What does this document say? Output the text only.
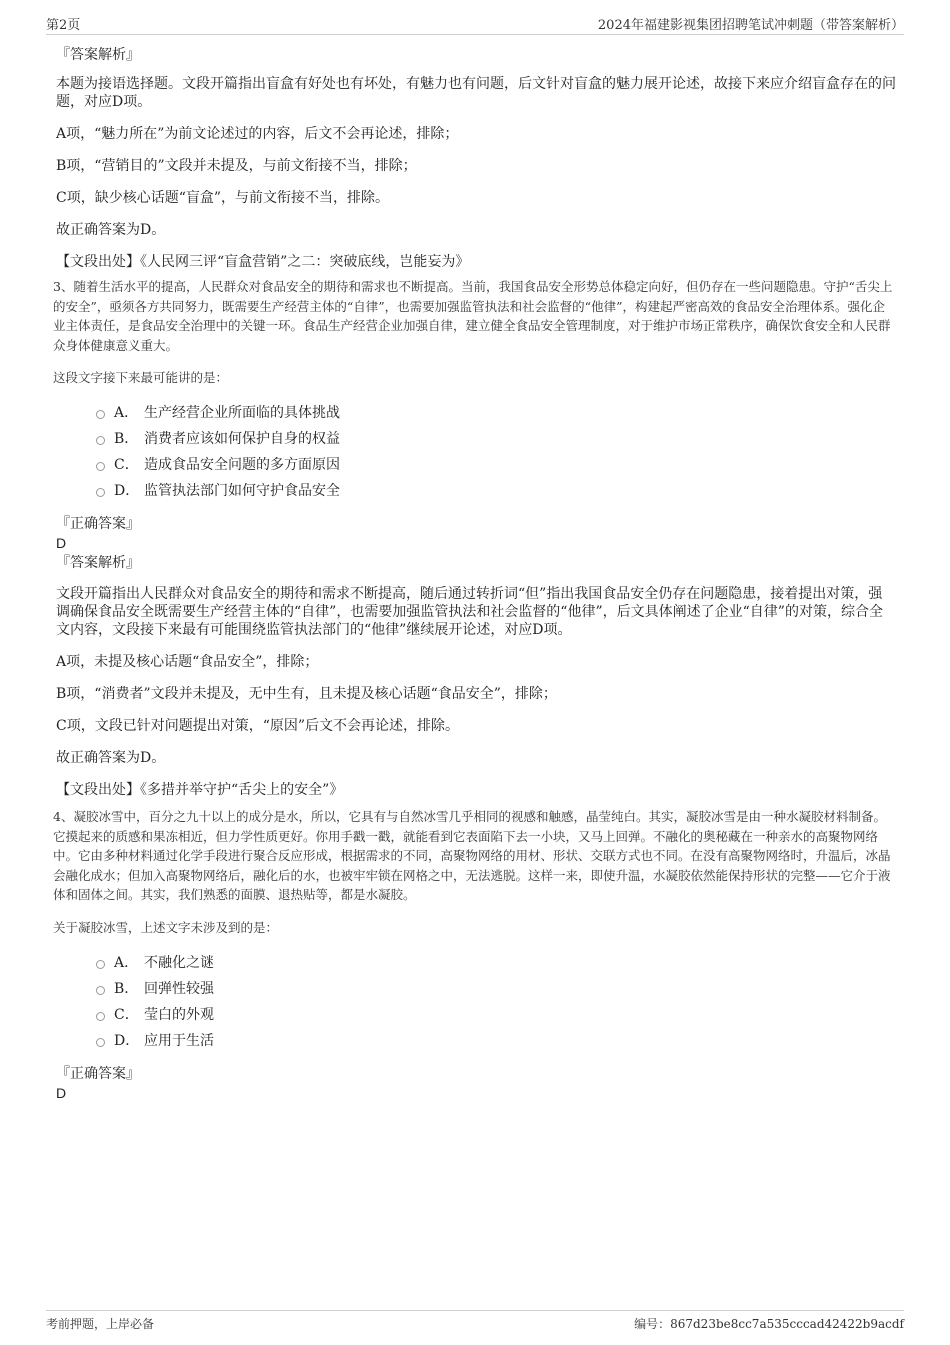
第2页	2024年福建影视集团招聘笔试冲刺题（带答案解析）

『答案解析』

本题为接语选择题。文段开篇指出盲盒有好处也有坏处，有魅力也有问题，后文针对盲盒的魅力展开论述，故接下来应介绍盲盒存在的问题，对应D项。

A项，“魅力所在”为前文论述过的内容，后文不会再论述，排除；

B项，“营销目的”文段并未提及，与前文衔接不当，排除；

C项，缺少核心话题“盲盒”，与前文衔接不当，排除。

故正确答案为D。

【文段出处】《人民网三评“盲盒营销”之二：突破底线，岂能妄为》

3、随着生活水平的提高，人民群众对食品安全的期待和需求也不断提高。当前，我国食品安全形势总体稳定向好，但仍存在一些问题隐患。守护“舌尖上的安全”，亟须各方共同努力，既需要生产经营主体的“自律”，也需要加强监管执法和社会监督的“他律”，构建起严密高效的食品安全治理体系。强化企业主体责任，是食品安全治理中的关键一环。食品生产经营企业加强自律，建立健全食品安全管理制度，对于维护市场正常秩序，确保饮食安全和人民群众身体健康意义重大。

这段文字接下来最可能讲的是：

A． 生产经营企业所面临的具体挑战
B． 消费者应该如何保护自身的权益
C． 造成食品安全问题的多方面原因
D． 监管执法部门如何守护食品安全

『正确答案』

D

『答案解析』

文段开篇指出人民群众对食品安全的期待和需求不断提高，随后通过转折词“但”指出我国食品安全仍存在问题隐患，接着提出对策，强调确保食品安全既需要生产经营主体的“自律”，也需要加强监管执法和社会监督的“他律”，后文具体阐述了企业“自律”的对策，综合全文内容，文段接下来最有可能围绕监管执法部门的“他律”继续展开论述，对应D项。

A项，未提及核心话题“食品安全”，排除；

B项，“消费者”文段并未提及，无中生有，且未提及核心话题“食品安全”，排除；

C项，文段已针对问题提出对策，“原因”后文不会再论述，排除。

故正确答案为D。

【文段出处】《多措并举守护“舌尖上的安全”》

4、凝胶冰雪中，百分之九十以上的成分是水，所以，它具有与自然冰雪几乎相同的视感和触感，晶莹纯白。其实，凝胶冰雪是由一种水凝胶材料制备。它摸起来的质感和果冻相近，但力学性质更好。你用手戳一戳，就能看到它表面陷下去一小块，又马上回弹。不融化的奥秘藏在一种亲水的高聚物网络中。它由多种材料通过化学手段进行聚合反应形成，根据需求的不同，高聚物网络的用材、形状、交联方式也不同。在没有高聚物网络时，升温后，冰晶会融化成水；但加入高聚物网络后，融化后的水，也被牢牢锁在网格之中，无法逃脱。这样一来，即使升温，水凝胶依然能保持形状的完整——它介于液体和固体之间。其实，我们熟悉的面膜、退热贴等，都是水凝胶。

关于凝胶冰雪，上述文字未涉及到的是：

A． 不融化之谜
B． 回弹性较强
C． 莹白的外观
D． 应用于生活

『正确答案』

D

考前押题，上岸必备	编号：867d23be8cc7a535cccad42422b9acdf
